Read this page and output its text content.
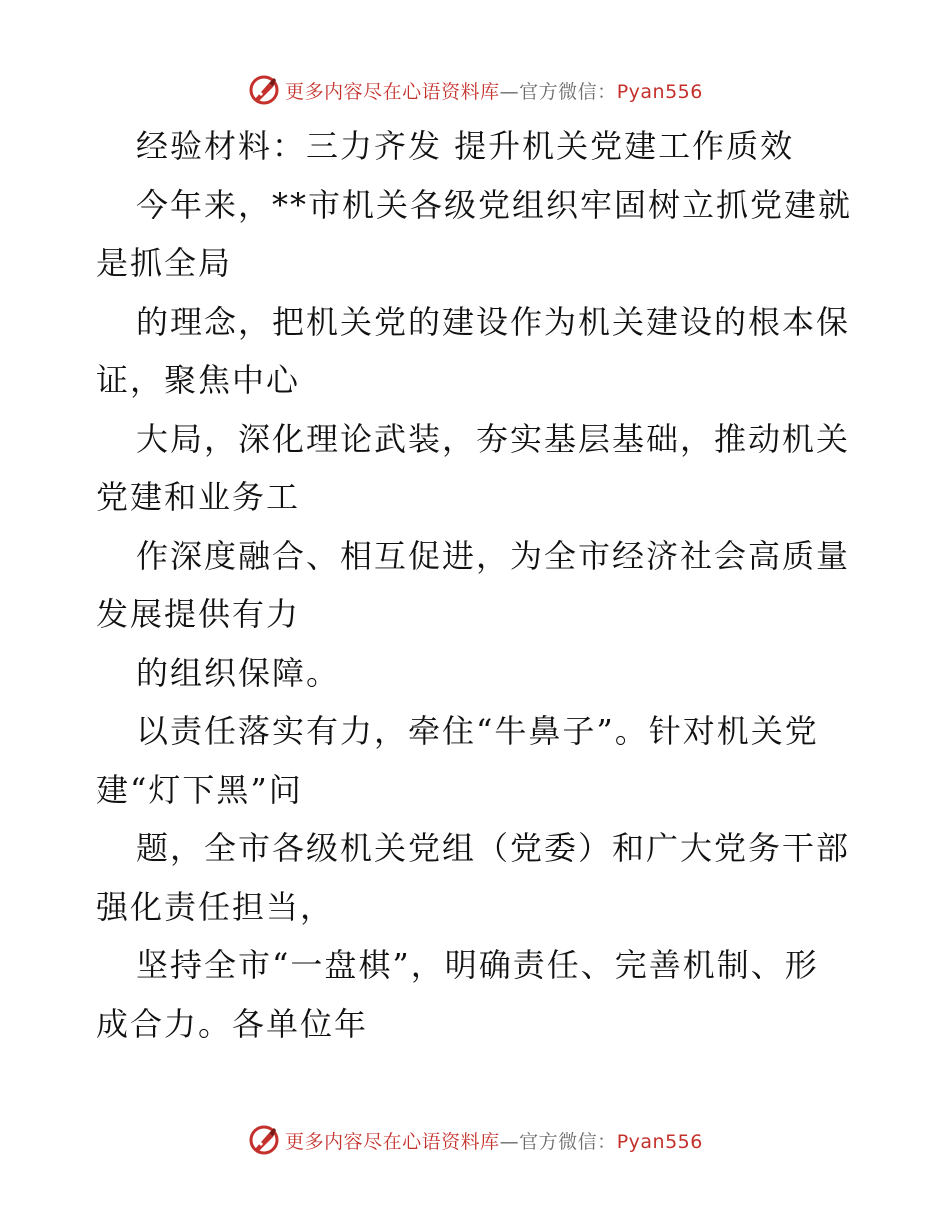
更多内容尽在心语资料库—官方微信：Pyan556
经验材料：三力齐发 提升机关党建工作质效
今年来，**市机关各级党组织牢固树立抓党建就
是抓全局
的理念，把机关党的建设作为机关建设的根本保
证，聚焦中心
大局，深化理论武装，夯实基层基础，推动机关
党建和业务工
作深度融合、相互促进，为全市经济社会高质量
发展提供有力
的组织保障。
以责任落实有力，牵住“牛鼻子”。针对机关党
建“灯下黑”问
题，全市各级机关党组（党委）和广大党务干部
强化责任担当，
坚持全市“一盘棋”，明确责任、完善机制、形
成合力。各单位年
更多内容尽在心语资料库—官方微信：Pyan556
